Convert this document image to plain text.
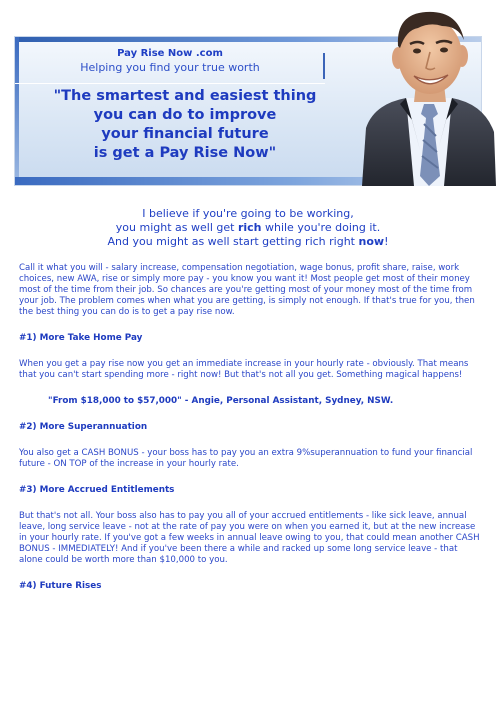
Pay Rise Now .com
Helping you find your true worth
"The smartest and easiest thing
you can do to improve
your financial future
is get a Pay Rise Now"
I believe if you're going to be working,
you might as well get rich while you're doing it.
And you might as well start getting rich right now!

Call it what you will - salary increase, compensation negotiation, wage bonus, profit share, raise, work choices, new AWA, rise or simply more pay - you know you want it! Most people get most of their money most of the time from their job. So chances are you're getting most of your money most of the time from your job. The problem comes when what you are getting, is simply not enough. If that's true for you, then the best thing you can do is to get a pay rise now.

#1) More Take Home Pay

When you get a pay rise now you get an immediate increase in your hourly rate - obviously. That means that you can't start spending more - right now! But that's not all you get. Something magical happens!

"From $18,000 to $57,000" - Angie, Personal Assistant, Sydney, NSW.

#2) More Superannuation

You also get a CASH BONUS - your boss has to pay you an extra 9%superannuation to fund your financial future - ON TOP of the increase in your hourly rate.

#3) More Accrued Entitlements

But that's not all. Your boss also has to pay you all of your accrued entitlements - like sick leave, annual leave, long service leave - not at the rate of pay you were on when you earned it, but at the new increase in your hourly rate. If you've got a few weeks in annual leave owing to you, that could mean another CASH BONUS - IMMEDIATELY! And if you've been there a while and racked up some long service leave - that alone could be worth more than $10,000 to you.

#4) Future Rises
